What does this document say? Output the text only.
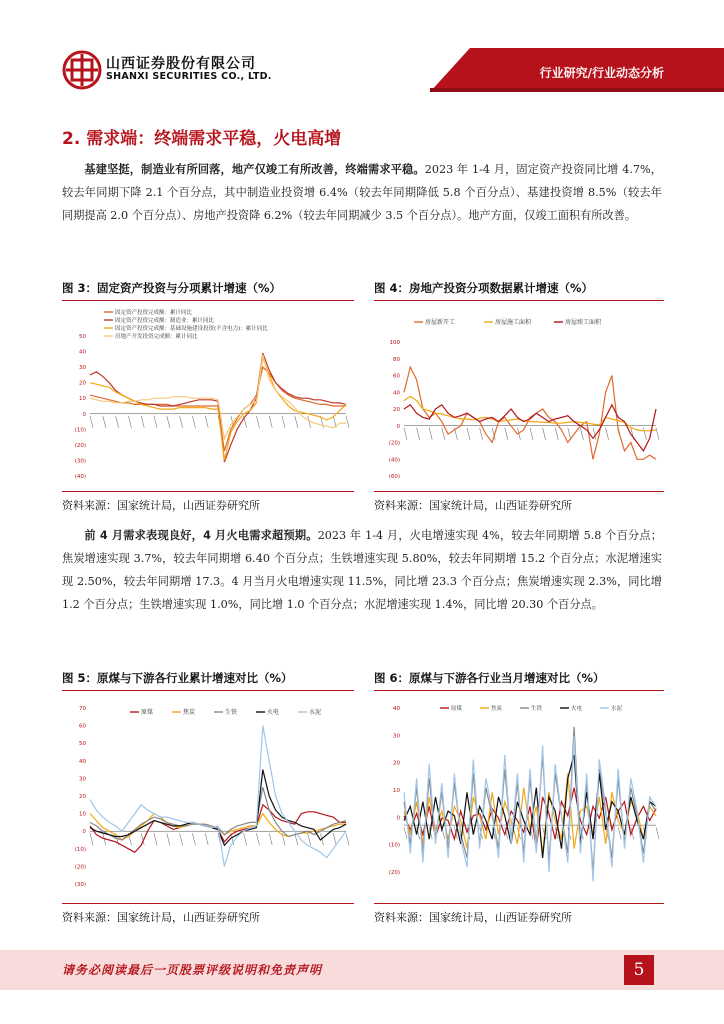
山西证券股份有限公司
SHANXI SECURITIES CO., LTD.	行业研究/行业动态分析
2. 需求端：终端需求平稳，火电高增
基建坚挺，制造业有所回落，地产仅竣工有所改善，终端需求平稳。2023 年 1-4 月，固定资产投资同比增 4.7%，较去年同期下降 2.1 个百分点，其中制造业投资增 6.4%（较去年同期降低 5.8 个百分点）、基建投资增 8.5%（较去年同期提高 2.0 个百分点）、房地产投资降 6.2%（较去年同期减少 3.5 个百分点）。地产方面，仅竣工面积有所改善。
图 3：固定资产投资与分项累计增速（%）	图 4：房地产投资分项数据累计增速（%）
50
40
30
20
10
0
(10)
(20)
(30)
(40)
固定资产投资完成额：累计同比
固定资产投资完成额：制造业：累计同比
固定资产投资完成额：基础设施建设投资(不含电力)：累计同比
房地产开发投资完成额：累计同比
100
80
60
40
20
0
(20)
(40)
(60)
房屋新开工	房屋施工面积	房屋竣工面积
资料来源：国家统计局，山西证券研究所	资料来源：国家统计局，山西证券研究所
前 4 月需求表现良好，4 月火电需求超预期。2023 年 1-4 月，火电增速实现 4%，较去年同期增 5.8 个百分点；焦炭增速实现 3.7%，较去年同期增 6.40 个百分点；生铁增速实现 5.80%，较去年同期增 15.2 个百分点；水泥增速实现 2.50%，较去年同期增 17.3。4 月当月火电增速实现 11.5%，同比增 23.3 个百分点；焦炭增速实现 2.3%，同比增 1.2 个百分点；生铁增速实现 1.0%，同比增 1.0 个百分点；水泥增速实现 1.4%，同比增 20.30 个百分点。
图 5：原煤与下游各行业累计增速对比（%）	图 6：原煤与下游各行业当月增速对比（%）
70
60
50
40
30
20
10
0
(10)
(20)
(30)
原煤	焦炭	生铁	火电	水泥	40
30
20
10
0
(10)
(20)
原煤	焦炭	生铁	火电	水泥
资料来源：国家统计局，山西证券研究所	资料来源：国家统计局，山西证券研究所
请务必阅读最后一页股票评级说明和免责声明	5
